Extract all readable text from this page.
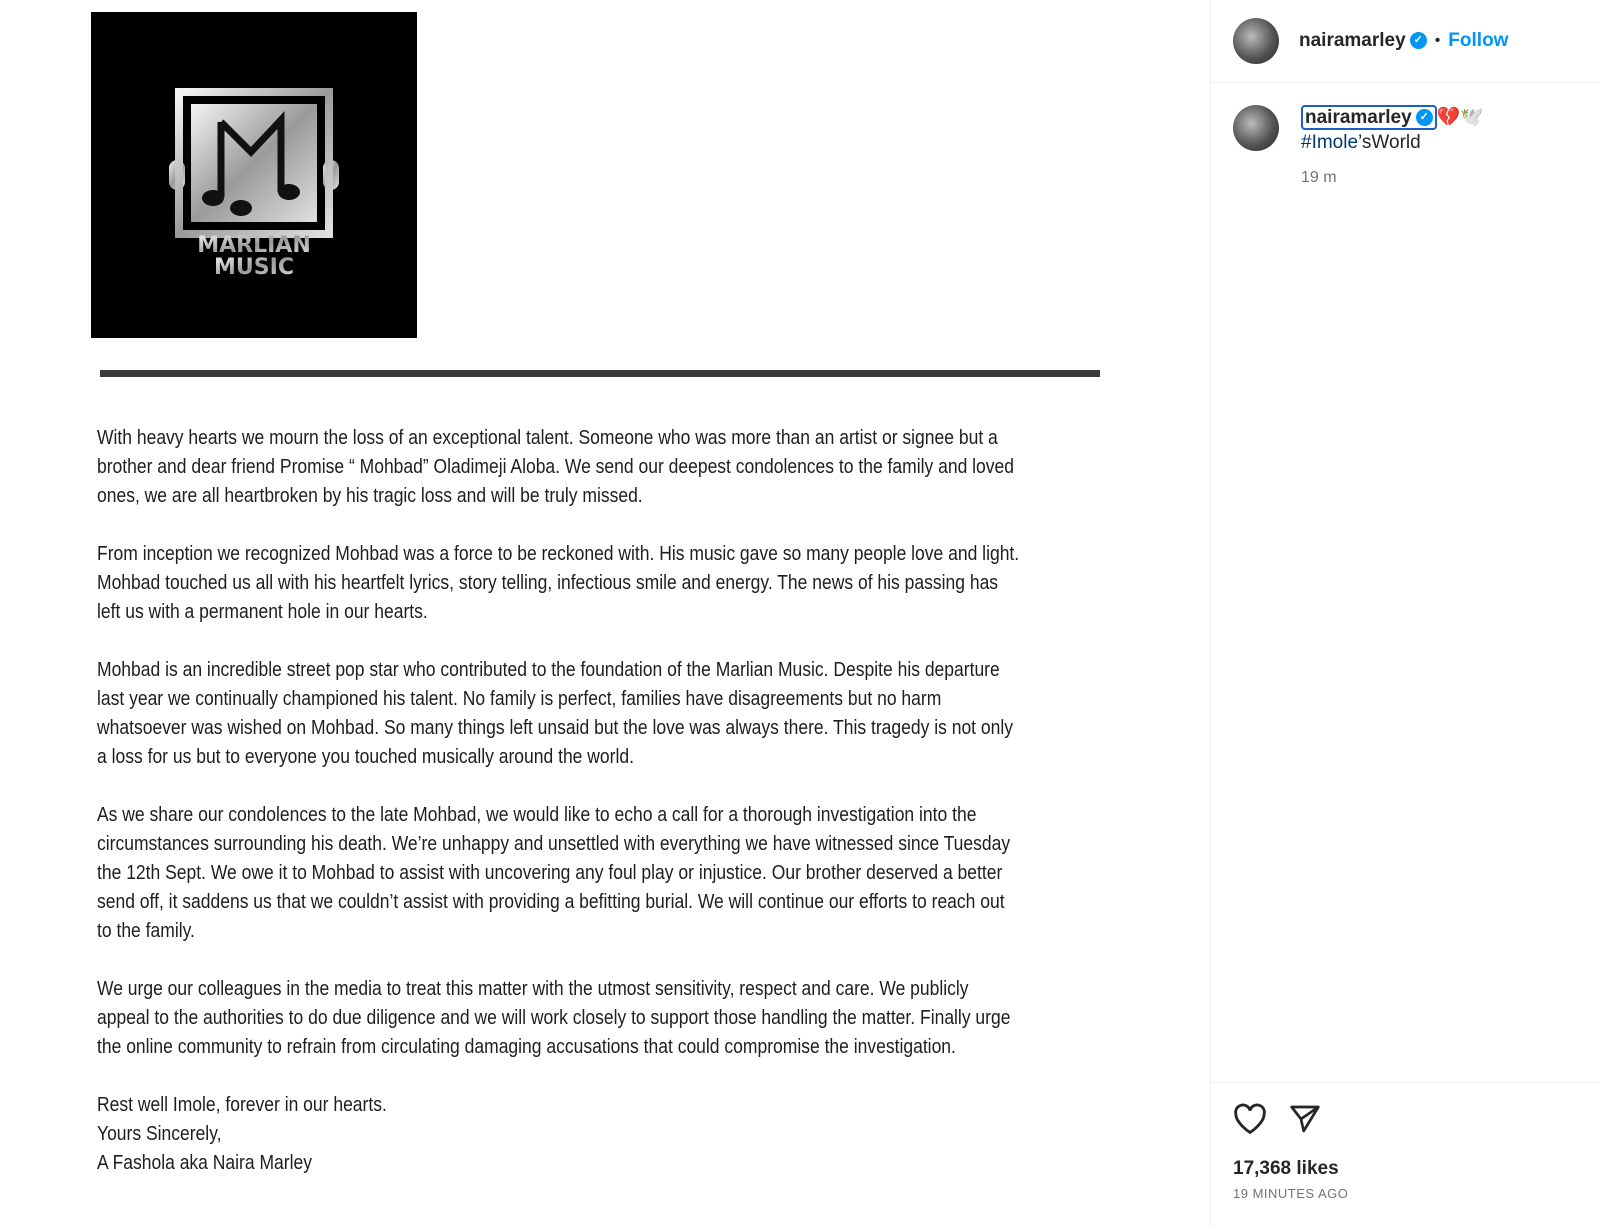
MARLIAN
MUSIC
With heavy hearts we mourn the loss of an exceptional talent. Someone who was more than an artist or signee but a
brother and dear friend Promise “ Mohbad” Oladimeji Aloba. We send our deepest condolences to the family and loved
ones, we are all heartbroken by his tragic loss and will be truly missed.
From inception we recognized Mohbad was a force to be reckoned with. His music gave so many people love and light.
Mohbad touched us all with his heartfelt lyrics, story telling, infectious smile and energy. The news of his passing has
left us with a permanent hole in our hearts.
Mohbad is an incredible street pop star who contributed to the foundation of the Marlian Music. Despite his departure
last year we continually championed his talent. No family is perfect, families have disagreements but no harm
whatsoever was wished on Mohbad. So many things left unsaid but the love was always there. This tragedy is not only
a loss for us but to everyone you touched musically around the world.
As we share our condolences to the late Mohbad, we would like to echo a call for a thorough investigation into the
circumstances surrounding his death. We’re unhappy and unsettled with everything we have witnessed since Tuesday
the 12th Sept. We owe it to Mohbad to assist with uncovering any foul play or injustice. Our brother deserved a better
send off, it saddens us that we couldn’t assist with providing a befitting burial. We will continue our efforts to reach out
to the family.
We urge our colleagues in the media to treat this matter with the utmost sensitivity, respect and care. We publicly
appeal to the authorities to do due diligence and we will work closely to support those handling the matter. Finally urge
the online community to refrain from circulating damaging accusations that could compromise the investigation.
Rest well Imole, forever in our hearts.
Yours Sincerely,
A Fashola aka Naira Marley
nairamarley ✓ • Follow
nairamarley ✓ 💔🕊️
#Imole’sWorld
19 m
17,368 likes
19 MINUTES AGO
